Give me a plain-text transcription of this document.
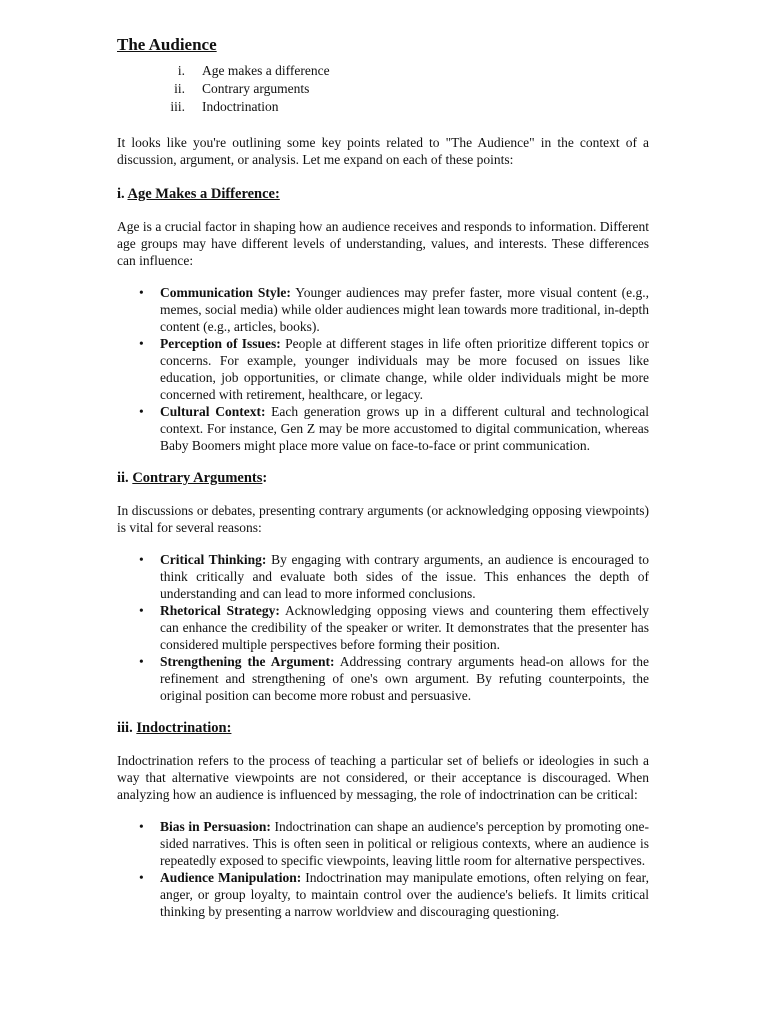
The Audience
i. Age makes a difference
ii. Contrary arguments
iii. Indoctrination

It looks like you're outlining some key points related to "The Audience" in the context of a discussion, argument, or analysis. Let me expand on each of these points:

i. Age Makes a Difference:

Age is a crucial factor in shaping how an audience receives and responds to information. Different age groups may have different levels of understanding, values, and interests. These differences can influence:

• Communication Style: Younger audiences may prefer faster, more visual content (e.g., memes, social media) while older audiences might lean towards more traditional, in-depth content (e.g., articles, books).
• Perception of Issues: People at different stages in life often prioritize different topics or concerns. For example, younger individuals may be more focused on issues like education, job opportunities, or climate change, while older individuals might be more concerned with retirement, healthcare, or legacy.
• Cultural Context: Each generation grows up in a different cultural and technological context. For instance, Gen Z may be more accustomed to digital communication, whereas Baby Boomers might place more value on face-to-face or print communication.
ii. Contrary Arguments:

In discussions or debates, presenting contrary arguments (or acknowledging opposing viewpoints) is vital for several reasons:

• Critical Thinking: By engaging with contrary arguments, an audience is encouraged to think critically and evaluate both sides of the issue. This enhances the depth of understanding and can lead to more informed conclusions.
• Rhetorical Strategy: Acknowledging opposing views and countering them effectively can enhance the credibility of the speaker or writer. It demonstrates that the presenter has considered multiple perspectives before forming their position.
• Strengthening the Argument: Addressing contrary arguments head-on allows for the refinement and strengthening of one's own argument. By refuting counterpoints, the original position can become more robust and persuasive.
iii. Indoctrination:

Indoctrination refers to the process of teaching a particular set of beliefs or ideologies in such a way that alternative viewpoints are not considered, or their acceptance is discouraged. When analyzing how an audience is influenced by messaging, the role of indoctrination can be critical:

• Bias in Persuasion: Indoctrination can shape an audience's perception by promoting one-sided narratives. This is often seen in political or religious contexts, where an audience is repeatedly exposed to specific viewpoints, leaving little room for alternative perspectives.
• Audience Manipulation: Indoctrination may manipulate emotions, often relying on fear, anger, or group loyalty, to maintain control over the audience's beliefs. It limits critical thinking by presenting a narrow worldview and discouraging questioning.
